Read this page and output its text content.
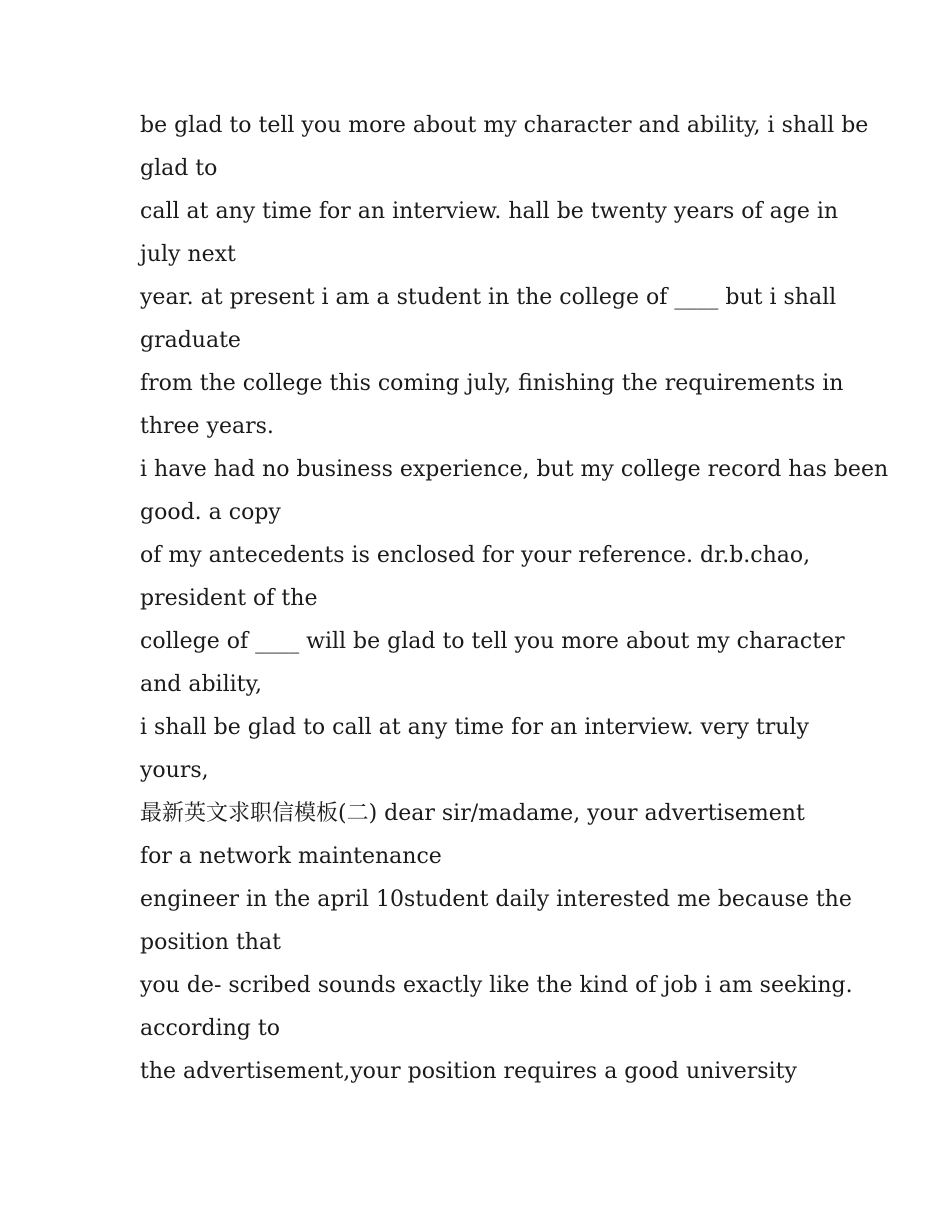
be glad to tell you more about my character and ability, i shall be
glad to
call at any time for an interview. hall be twenty years of age in
july next
year. at present i am a student in the college of ____ but i shall
graduate
from the college this coming july, finishing the requirements in
three years.
i have had no business experience, but my college record has been
good. a copy
of my antecedents is enclosed for your reference. dr.b.chao,
president of the
college of ____ will be glad to tell you more about my character
and ability,
i shall be glad to call at any time for an interview. very truly
yours,
最新英文求职信模板(二) dear sir/madame, your advertisement
for a network maintenance
engineer in the april 10student daily interested me because the
position that
you de- scribed sounds exactly like the kind of job i am seeking.
according to
the advertisement,your position requires a good university
